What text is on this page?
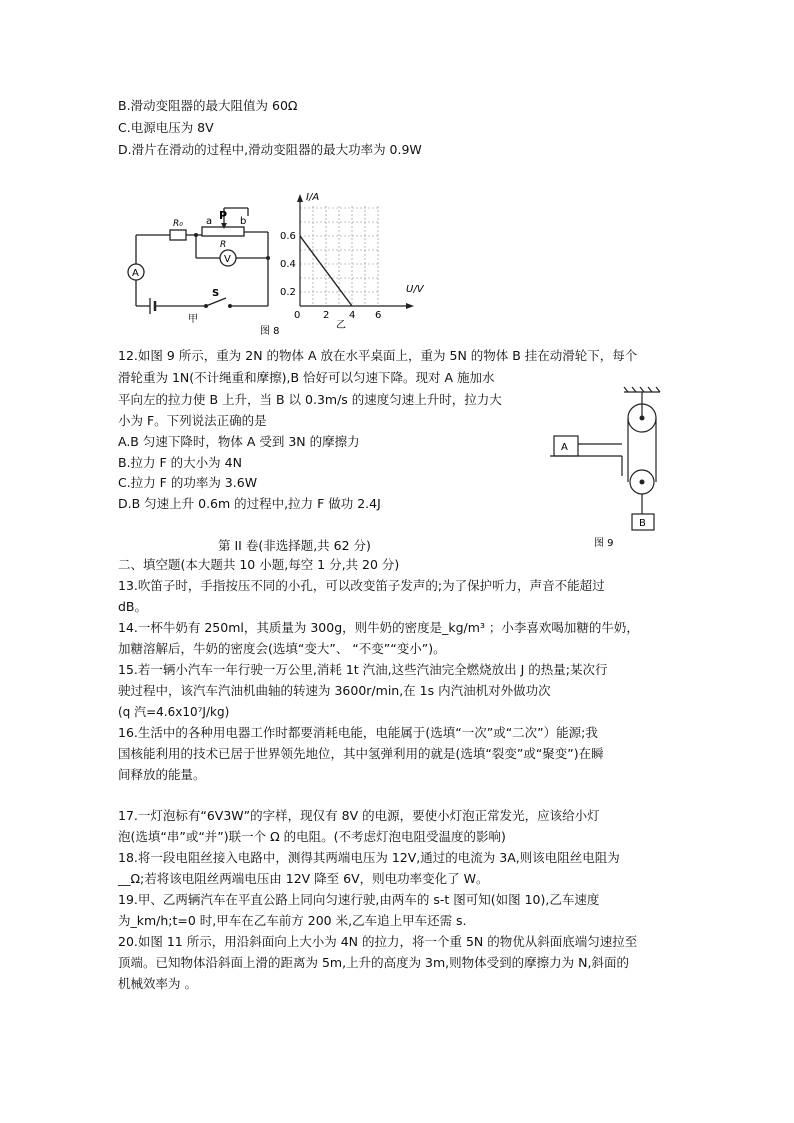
B.滑动变阻器的最大阻值为 60Ω
C.电源电压为 8V
D.滑片在滑动的过程中,滑动变阻器的最大功率为 0.9W
R₀ a P b
R
V
A
S
甲
I/A
U/V
0.6
0.4
0.2
0 2 4 6
乙
图 8
12.如图 9 所示，重为 2N 的物体 A 放在水平桌面上，重为 5N 的物体 B 挂在动滑轮下，每个
滑轮重为 1N(不计绳重和摩擦),B 恰好可以匀速下降。现对 A 施加水
平向左的拉力使 B 上升，当 B 以 0.3m/s 的速度匀速上升时，拉力大
小为 F。下列说法正确的是
A.B 匀速下降时，物体 A 受到 3N 的摩擦力
B.拉力 F 的大小为 4N
C.拉力 F 的功率为 3.6W
D.B 匀速上升 0.6m 的过程中,拉力 F 做功 2.4J
A
B
图 9
第 II 卷(非选择题,共 62 分)
二、填空题(本大题共 10 小题,每空 1 分,共 20 分)
13.吹笛子时，手指按压不同的小孔，可以改变笛子发声的;为了保护听力，声音不能超过
dB。
14.一杯牛奶有 250ml，其质量为 300g，则牛奶的密度是_kg/m³ ；小李喜欢喝加糖的牛奶，
加糖溶解后，牛奶的密度会(选填“变大”、 “不变”“变小”)。
15.若一辆小汽车一年行驶一万公里,消耗 1t 汽油,这些汽油完全燃烧放出 J 的热量;某次行
驶过程中，该汽车汽油机曲轴的转速为 3600r/min,在 1s 内汽油机对外做功次
(q 汽=4.6x10⁷J/kg)
16.生活中的各种用电器工作时都要消耗电能，电能属于(选填“一次”或“二次”）能源;我
国核能利用的技术已居于世界领先地位，其中氢弹利用的就是(选填“裂变”或“聚变”)在瞬
间释放的能量。
17.一灯泡标有“6V3W”的字样，现仅有 8V 的电源，要使小灯泡正常发光，应该给小灯
泡(选填“串”或“并”)联一个 Ω 的电阻。(不考虑灯泡电阻受温度的影响)
18.将一段电阻丝接入电路中，测得其两端电压为 12V,通过的电流为 3A,则该电阻丝电阻为
__Ω;若将该电阻丝两端电压由 12V 降至 6V，则电功率变化了 W。
19.甲、乙两辆汽车在平直公路上同向匀速行驶,由两车的 s-t 图可知(如图 10),乙车速度
为_km/h;t=0 时,甲车在乙车前方 200 米,乙车追上甲车还需 s.
20.如图 11 所示，用沿斜面向上大小为 4N 的拉力，将一个重 5N 的物优从斜面底端匀速拉至
顶端。已知物体沿斜面上滑的距离为 5m,上升的高度为 3m,则物体受到的摩擦力为 N,斜面的
机械效率为 。
